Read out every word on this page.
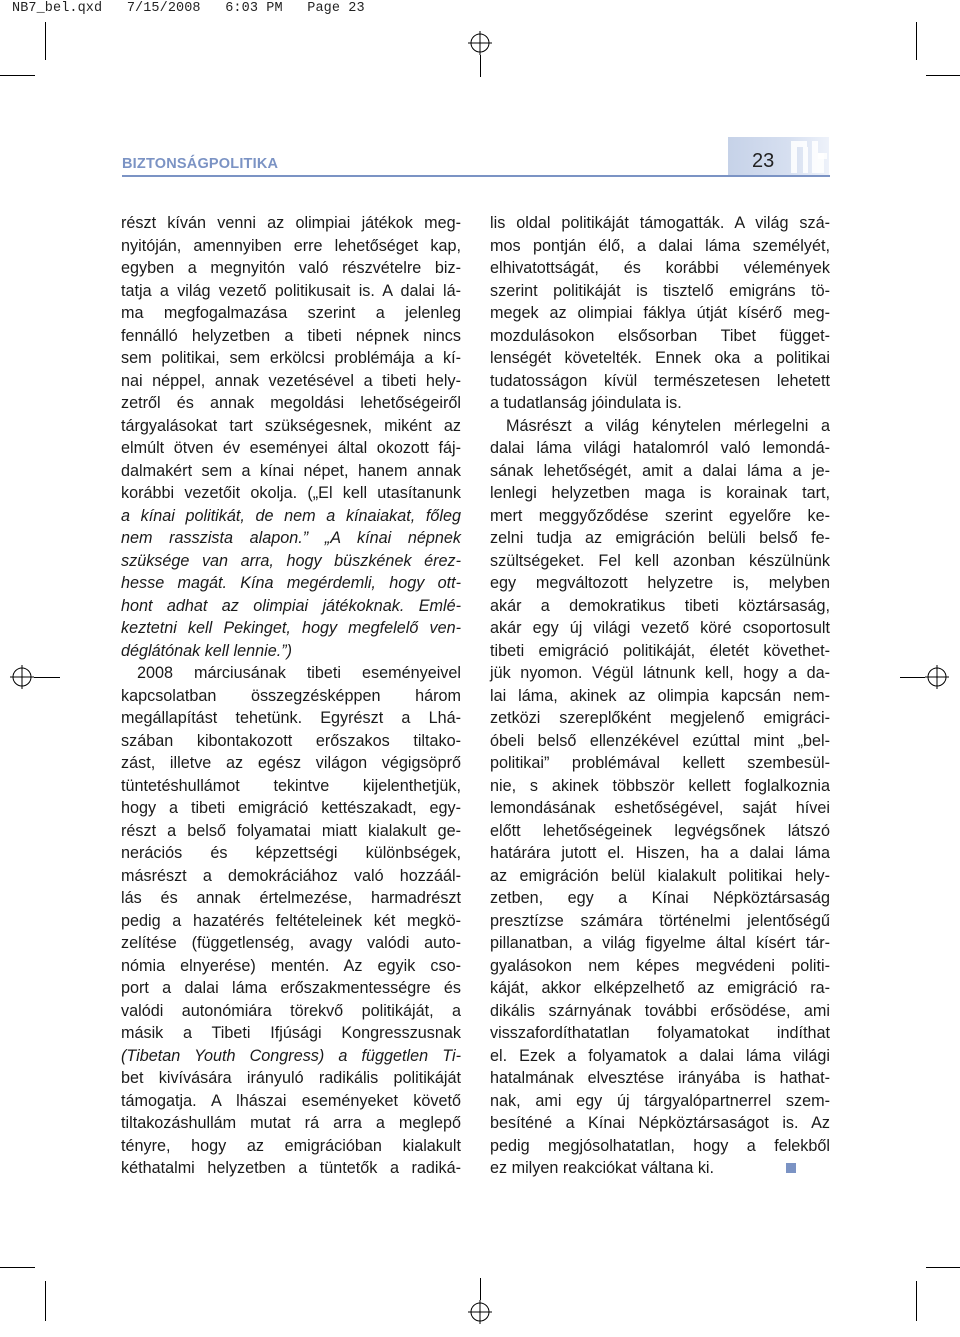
NB7_bel.qxd   7/15/2008   6:03 PM   Page 23
23
BIZTONSÁGPOLITIKA
részt kíván venni az olimpiai játékok meg-
nyitóján, amennyiben erre lehetőséget kap,
egyben a megnyitón való részvételre biz-
tatja a világ vezető politikusait is. A dalai lá-
ma megfogalmazása szerint a jelenleg
fennálló helyzetben a tibeti népnek nincs
sem politikai, sem erkölcsi problémája a kí-
nai néppel, annak vezetésével a tibeti hely-
zetről és annak megoldási lehetőségeiről
tárgyalásokat tart szükségesnek, miként az
elmúlt ötven év eseményei által okozott fáj-
dalmakért sem a kínai népet, hanem annak
korábbi vezetőit okolja. („El kell utasítanunk
a kínai politikát, de nem a kínaiakat, főleg
nem rasszista alapon.” „A kínai népnek
szüksége van arra, hogy büszkének érez-
hesse magát. Kína megérdemli, hogy ott-
hont adhat az olimpiai játékoknak. Emlé-
keztetni kell Pekinget, hogy megfelelő ven-
déglátónak kell lennie.”)
2008 márciusának tibeti eseményeivel
kapcsolatban összegzésképpen három
megállapítást tehetünk. Egyrészt a Lhá-
szában kibontakozott erőszakos tiltako-
zást, illetve az egész világon végigsöprő
tüntetéshullámot tekintve kijelenthetjük,
hogy a tibeti emigráció kettészakadt, egy-
részt a belső folyamatai miatt kialakult ge-
nerációs és képzettségi különbségek,
másrészt a demokráciához való hozzáál-
lás és annak értelmezése, harmadrészt
pedig a hazatérés feltételeinek két megkö-
zelítése (függetlenség, avagy valódi auto-
nómia elnyerése) mentén. Az egyik cso-
port a dalai láma erőszakmentességre és
valódi autonómiára törekvő politikáját, a
másik a Tibeti Ifjúsági Kongresszusnak
(Tibetan Youth Congress) a független Ti-
bet kivívására irányuló radikális politikáját
támogatja. A lhászai eseményeket követő
tiltakozáshullám mutat rá arra a meglepő
tényre, hogy az emigrációban kialakult
kéthatalmi helyzetben a tüntetők a radiká-
lis oldal politikáját támogatták. A világ szá-
mos pontján élő, a dalai láma személyét,
elhivatottságát, és korábbi vélemények
szerint politikáját is tisztelő emigráns tö-
megek az olimpiai fáklya útját kísérő meg-
mozdulásokon elsősorban Tibet függet-
lenségét követelték. Ennek oka a politikai
tudatosságon kívül természetesen lehetett
a tudatlanság jóindulata is.
Másrészt a világ kénytelen mérlegelni a
dalai láma világi hatalomról való lemondá-
sának lehetőségét, amit a dalai láma a je-
lenlegi helyzetben maga is korainak tart,
mert meggyőződése szerint egyelőre ke-
zelni tudja az emigráción belüli belső fe-
szültségeket. Fel kell azonban készülnünk
egy megváltozott helyzetre is, melyben
akár a demokratikus tibeti köztársaság,
akár egy új világi vezető köré csoportosult
tibeti emigráció politikáját, életét követhet-
jük nyomon. Végül látnunk kell, hogy a da-
lai láma, akinek az olimpia kapcsán nem-
zetközi szereplőként megjelenő emigráci-
óbeli belső ellenzékével ezúttal mint „bel-
politikai” problémával kellett szembesül-
nie, s akinek többször kellett foglalkoznia
lemondásának eshetőségével, saját hívei
előtt lehetőségeinek legvégsőnek látszó
határára jutott el. Hiszen, ha a dalai láma
az emigráción belül kialakult politikai hely-
zetben, egy a Kínai Népköztársaság
presztízse számára történelmi jelentőségű
pillanatban, a világ figyelme által kísért tár-
gyalásokon nem képes megvédeni politi-
káját, akkor elképzelhető az emigráció ra-
dikális szárnyának további erősödése, ami
visszafordíthatatlan folyamatokat indíthat
el. Ezek a folyamatok a dalai láma világi
hatalmának elvesztése irányába is hathat-
nak, ami egy új tárgyalópartnerrel szem-
besíténé a Kínai Népköztársaságot is. Az
pedig megjósolhatatlan, hogy a felekből
ez milyen reakciókat váltana ki.
